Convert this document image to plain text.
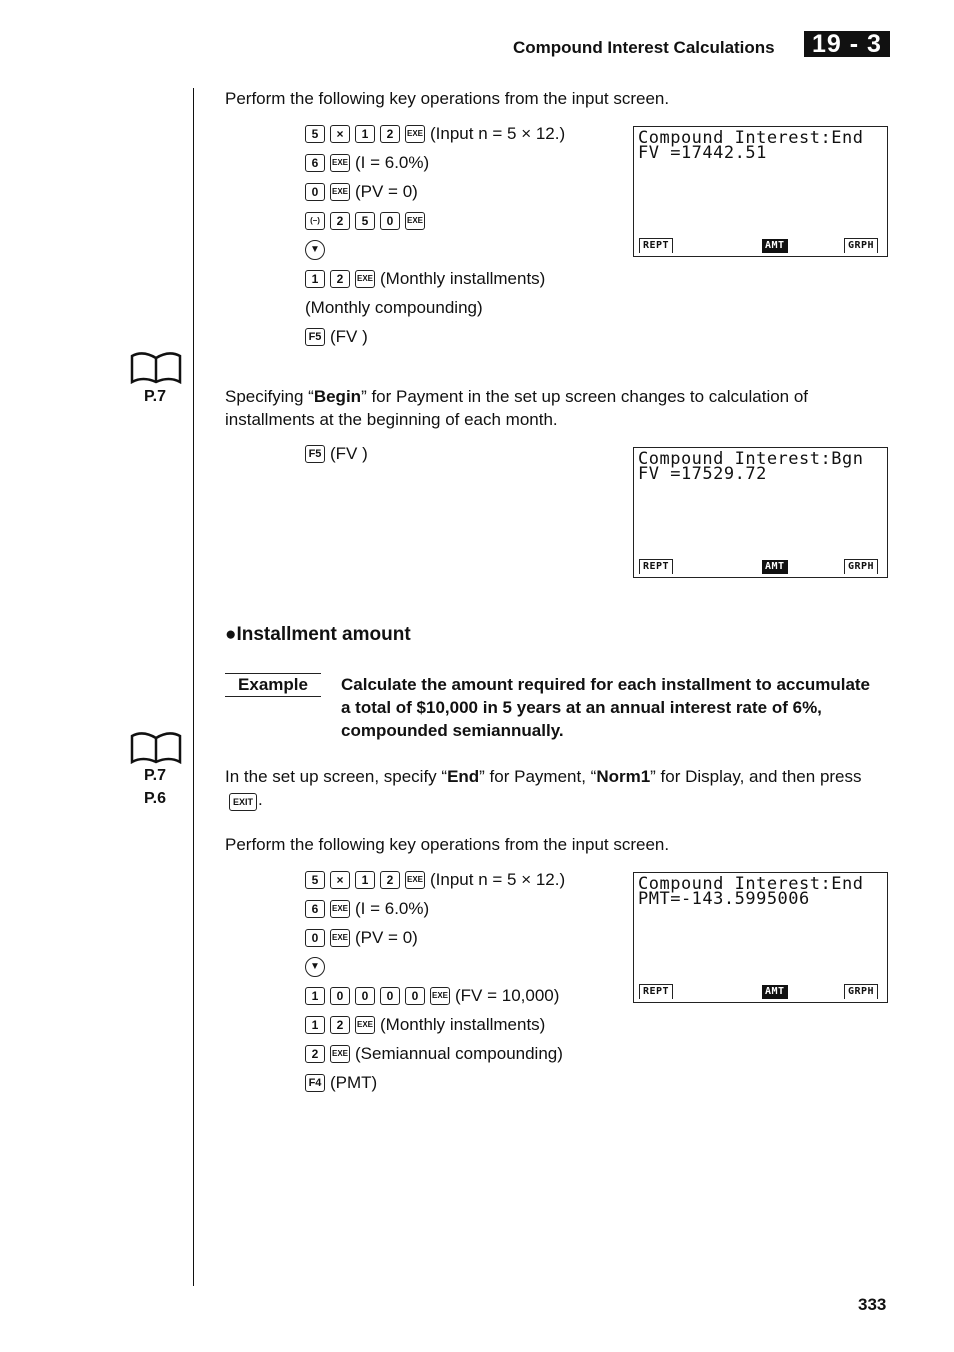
Compound Interest Calculations	19 - 3
Perform the following key operations from the input screen.
5	×	1	2	EXE (Input n = 5 × 12.)
6	EXE (I = 6.0%)
0	EXE (PV = 0)
(–)	2	5	0	EXE
▼
1	2	EXE (Monthly installments)
(Monthly compounding)
F5 (FV )
Compound Interest:End
FV =17442.51
REPT	AMT	GRPH
P.7	Specifying “Begin” for Payment in the set up screen changes to calculation of installments at the beginning of each month.
F5 (FV )	Compound Interest:Bgn
FV =17529.72
REPT	AMT	GRPH
●Installment amount
Example	Calculate the amount required for each installment to accumulate a total of $10,000 in 5 years at an annual interest rate of 6%, compounded semiannually.
P.7
P.6
In the set up screen, specify “End” for Payment, “Norm1” for Display, and then press EXIT .
Perform the following key operations from the input screen.
5	×	1	2	EXE (Input n = 5 × 12.)
6	EXE (I = 6.0%)
0	EXE (PV = 0)
▼
1	0	0	0	0	EXE (FV = 10,000)
1	2	EXE (Monthly installments)
2	EXE (Semiannual compounding)
F4 (PMT)
Compound Interest:End
PMT=-143.5995006
REPT	AMT	GRPH
333
